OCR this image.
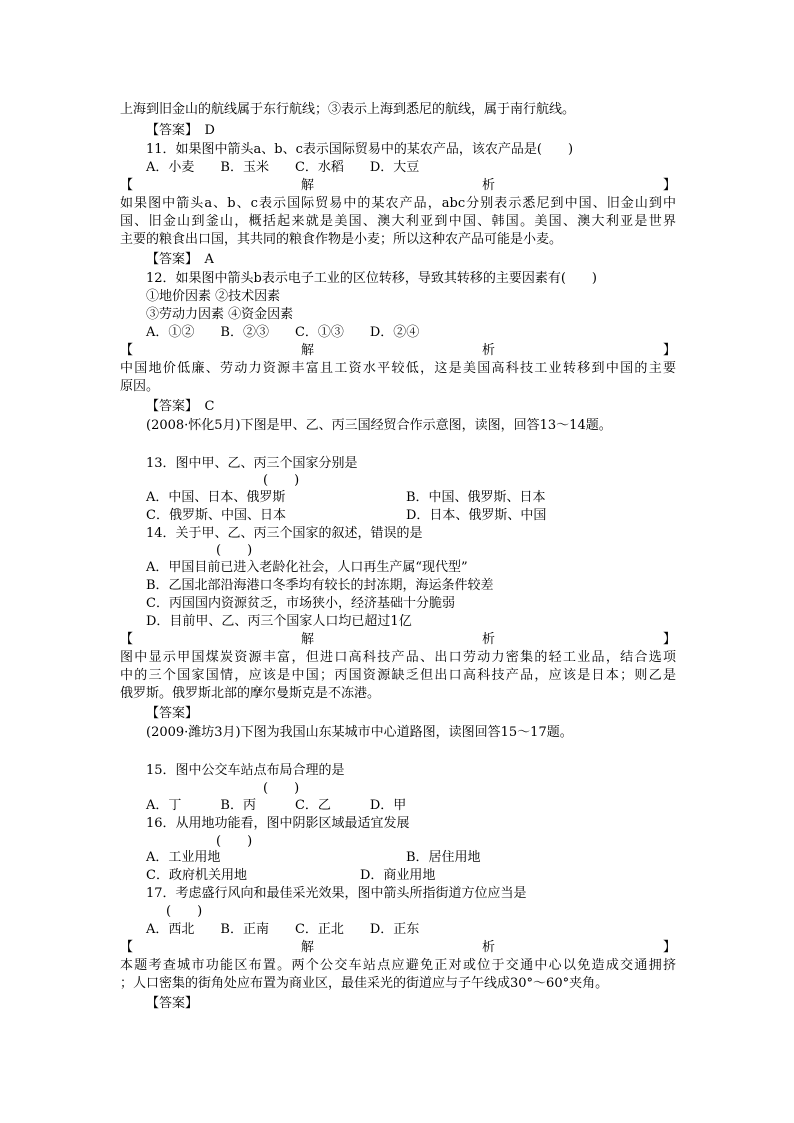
上海到旧金山的航线属于东行航线；③表示上海到悉尼的航线，属于南行航线。
【答案】　D
11．如果图中箭头a、b、c表示国际贸易中的某农产品，该农产品是(　　)
A．小麦　　B．玉米　　C．水稻　　D．大豆
【	解	析	】
如果图中箭头a、b、c表示国际贸易中的某农产品，abc分别表示悉尼到中国、旧金山到中
国、旧金山到釜山，概括起来就是美国、澳大利亚到中国、韩国。美国、澳大利亚是世界
主要的粮食出口国，其共同的粮食作物是小麦；所以这种农产品可能是小麦。
【答案】　A
12．如果图中箭头b表示电子工业的区位转移，导致其转移的主要因素有(　　)
①地价因素 ②技术因素
③劳动力因素 ④资金因素
A．①②　　B．②③　　C．①③　　D．②④
【	解	析	】
中国地价低廉、劳动力资源丰富且工资水平较低，这是美国高科技工业转移到中国的主要
原因。
【答案】　C
(2008·怀化5月)下图是甲、乙、丙三国经贸合作示意图，读图，回答13～14题。
13．图中甲、乙、丙三个国家分别是
(　　)
A．中国、日本、俄罗斯	B．中国、俄罗斯、日本
C．俄罗斯、中国、日本	D．日本、俄罗斯、中国
14．关于甲、乙、丙三个国家的叙述，错误的是
(　　)
A．甲国目前已进入老龄化社会，人口再生产属“现代型”
B．乙国北部沿海港口冬季均有较长的封冻期，海运条件较差
C．丙国国内资源贫乏，市场狭小，经济基础十分脆弱
D．目前甲、乙、丙三个国家人口均已超过1亿
【	解	析	】
图中显示甲国煤炭资源丰富，但进口高科技产品、出口劳动力密集的轻工业品，结合选项
中的三个国家国情，应该是中国；丙国资源缺乏但出口高科技产品，应该是日本；则乙是
俄罗斯。俄罗斯北部的摩尔曼斯克是不冻港。
【答案】
(2009·潍坊3月)下图为我国山东某城市中心道路图，读图回答15～17题。
15．图中公交车站点布局合理的是
(　　)
A．丁　　　B．丙　　　C．乙　　　D．甲
16．从用地功能看，图中阴影区域最适宜发展
(　　)
A．工业用地	B．居住用地
C．政府机关用地	D．商业用地
17．考虑盛行风向和最佳采光效果，图中箭头所指街道方位应当是
(　　)
A．西北　　B．正南　　C．正北　　D．正东
【	解	析	】
本题考查城市功能区布置。两个公交车站点应避免正对或位于交通中心以免造成交通拥挤
；人口密集的街角处应布置为商业区，最佳采光的街道应与子午线成30°～60°夹角。
【答案】
